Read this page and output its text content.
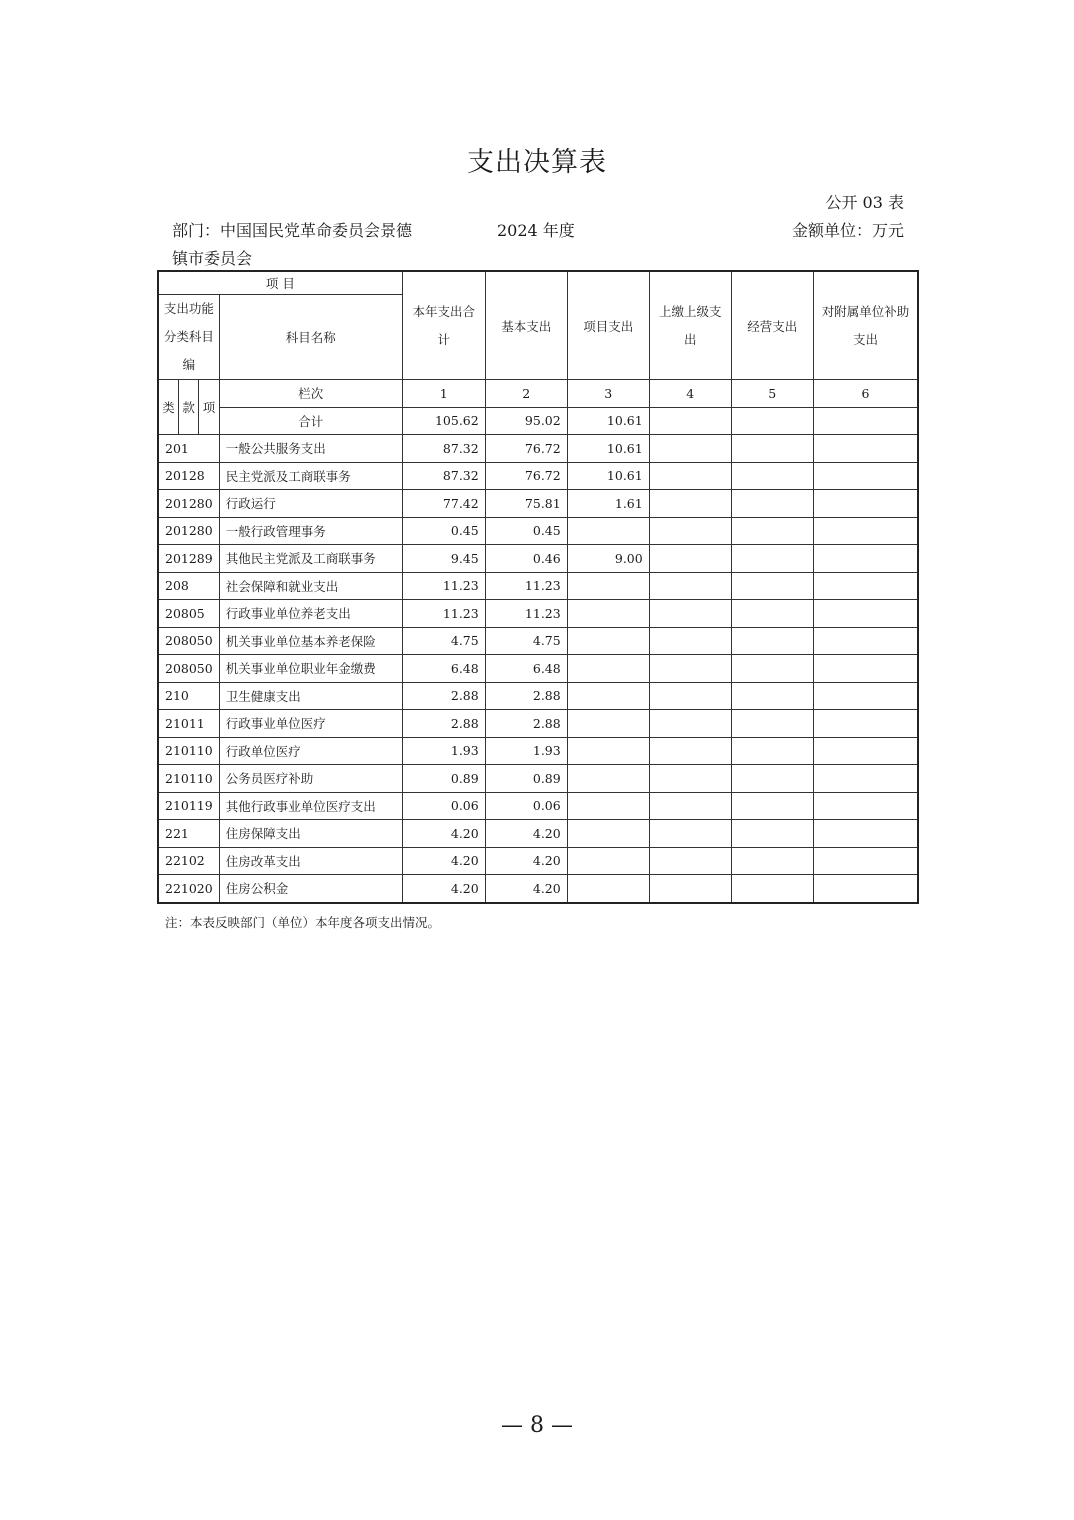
支出决算表
公开 03 表
部门：中国国民党革命委员会景德
镇市委员会
2024 年度	金额单位：万元
项 目				本年支出合计	基本支出	项目支出	上缴上级支出	经营支出	对附属单位补助支出
支出功能分类科目编			科目名称						
类	款	项	栏次	1	2	3	4	5	6
			合计	105.62	95.02	10.61			
201			一般公共服务支出	87.32	76.72	10.61			
20128			民主党派及工商联事务	87.32	76.72	10.61			
201280			行政运行	77.42	75.81	1.61			
201280			一般行政管理事务	0.45	0.45				
201289			其他民主党派及工商联事务	9.45	0.46	9.00			
208			社会保障和就业支出	11.23	11.23				
20805			行政事业单位养老支出	11.23	11.23				
208050			机关事业单位基本养老保险	4.75	4.75				
208050			机关事业单位职业年金缴费	6.48	6.48				
210			卫生健康支出	2.88	2.88				
21011			行政事业单位医疗	2.88	2.88				
210110			行政单位医疗	1.93	1.93				
210110			公务员医疗补助	0.89	0.89				
210119			其他行政事业单位医疗支出	0.06	0.06				
221			住房保障支出	4.20	4.20				
22102			住房改革支出	4.20	4.20				
221020			住房公积金	4.20	4.20				
注：本表反映部门（单位）本年度各项支出情况。
— 8 —
